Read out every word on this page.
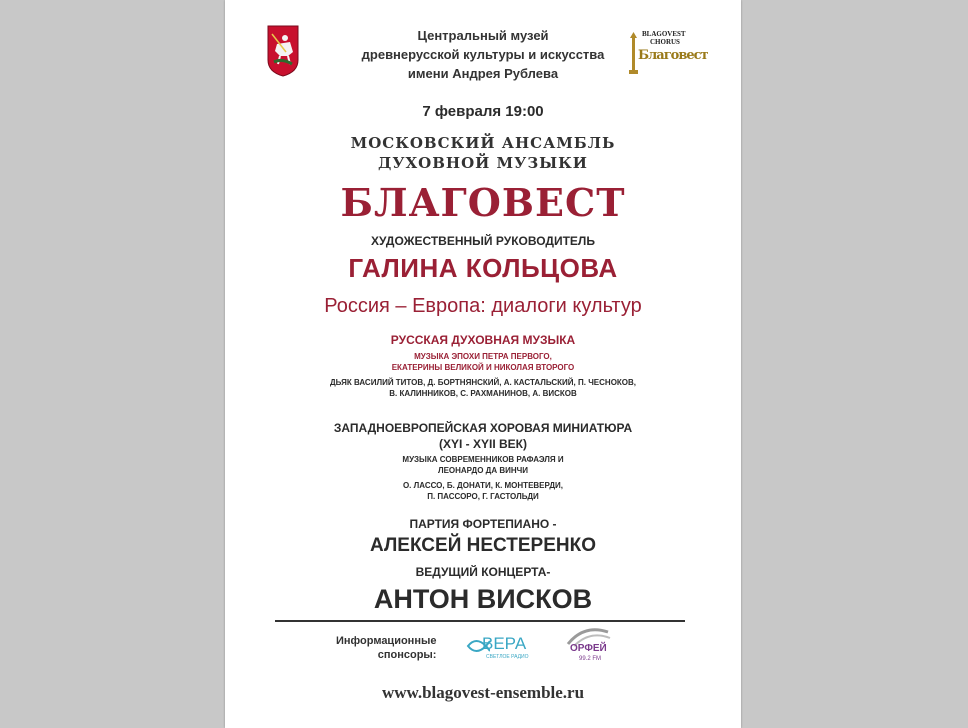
Центральный музей
древнерусской культуры и искусства
имени Андрея Рублева
BLAGOVEST
CHORUS
Благовест
7 февраля 19:00
МОСКОВСКИЙ АНСАМБЛЬ
ДУХОВНОЙ МУЗЫКИ
БЛАГОВЕСТ
ХУДОЖЕСТВЕННЫЙ РУКОВОДИТЕЛЬ
ГАЛИНА КОЛЬЦОВА
Россия – Европа: диалоги культур
РУССКАЯ ДУХОВНАЯ МУЗЫКА
МУЗЫКА ЭПОХИ ПЕТРА ПЕРВОГО,
ЕКАТЕРИНЫ ВЕЛИКОЙ И НИКОЛАЯ ВТОРОГО
ДЬЯК ВАСИЛИЙ ТИТОВ, Д. БОРТНЯНСКИЙ, А. КАСТАЛЬСКИЙ, П. ЧЕСНОКОВ,
В. КАЛИННИКОВ, С. РАХМАНИНОВ, А. ВИСКОВ
ЗАПАДНОЕВРОПЕЙСКАЯ ХОРОВАЯ МИНИАТЮРА
(XYI - XYII ВЕК)
МУЗЫКА СОВРЕМЕННИКОВ РАФАЭЛЯ И
ЛЕОНАРДО ДА ВИНЧИ
О. ЛАССО, Б. ДОНАТИ, К. МОНТЕВЕРДИ,
П. ПАССОРО, Г. ГАСТОЛЬДИ
ПАРТИЯ ФОРТЕПИАНО -
АЛЕКСЕЙ НЕСТЕРЕНКО
ВЕДУЩИЙ КОНЦЕРТА-
АНТОН ВИСКОВ
Информационные
спонсоры:
ВЕРА
СВЕТЛОЕ РАДИО
ОРФЕЙ
99.2 FM
www.blagovest-ensemble.ru
